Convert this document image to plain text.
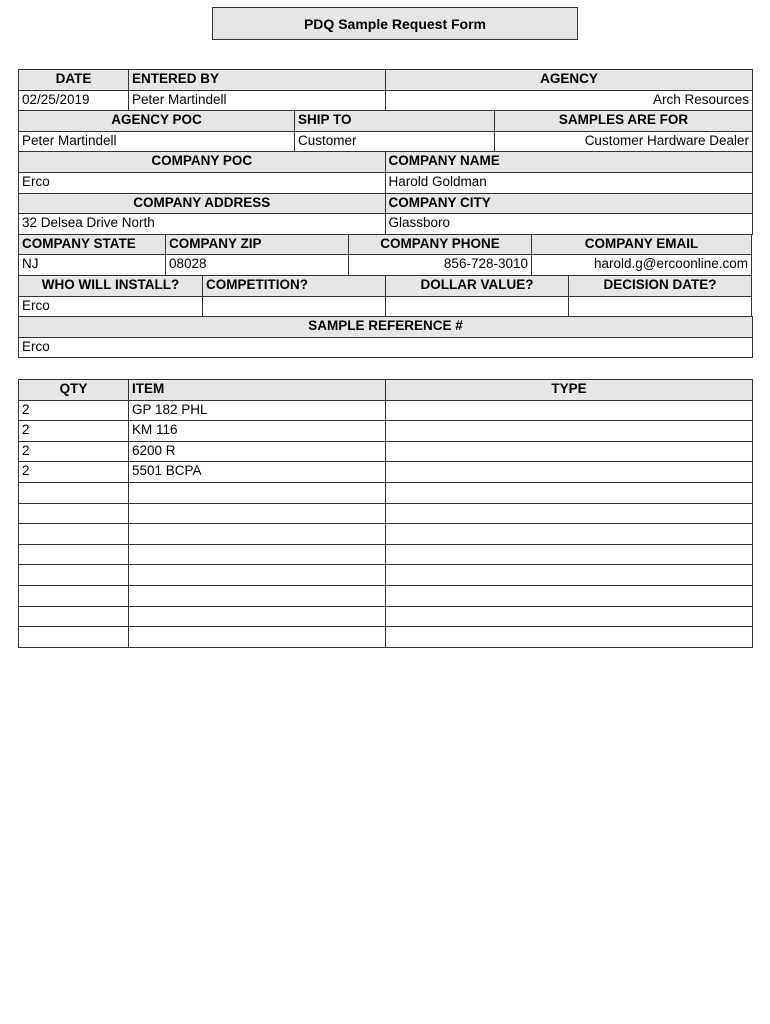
PDQ Sample Request Form
DATE	ENTERED BY	AGENCY
02/25/2019	Peter Martindell	Arch Resources
AGENCY POC	SHIP TO	SAMPLES ARE FOR
Peter Martindell	Customer	Customer Hardware Dealer
COMPANY POC	COMPANY NAME
Erco	Harold Goldman
COMPANY ADDRESS	COMPANY CITY
32 Delsea Drive North	Glassboro
COMPANY STATE	COMPANY ZIP	COMPANY PHONE	COMPANY EMAIL
NJ	08028	856-728-3010	harold.g@ercoonline.com
WHO WILL INSTALL?	COMPETITION?	DOLLAR VALUE?	DECISION DATE?
Erco
SAMPLE REFERENCE #
Erco
QTY	ITEM	TYPE
2	GP 182 PHL
2	KM 116
2	6200 R
2	5501 BCPA
